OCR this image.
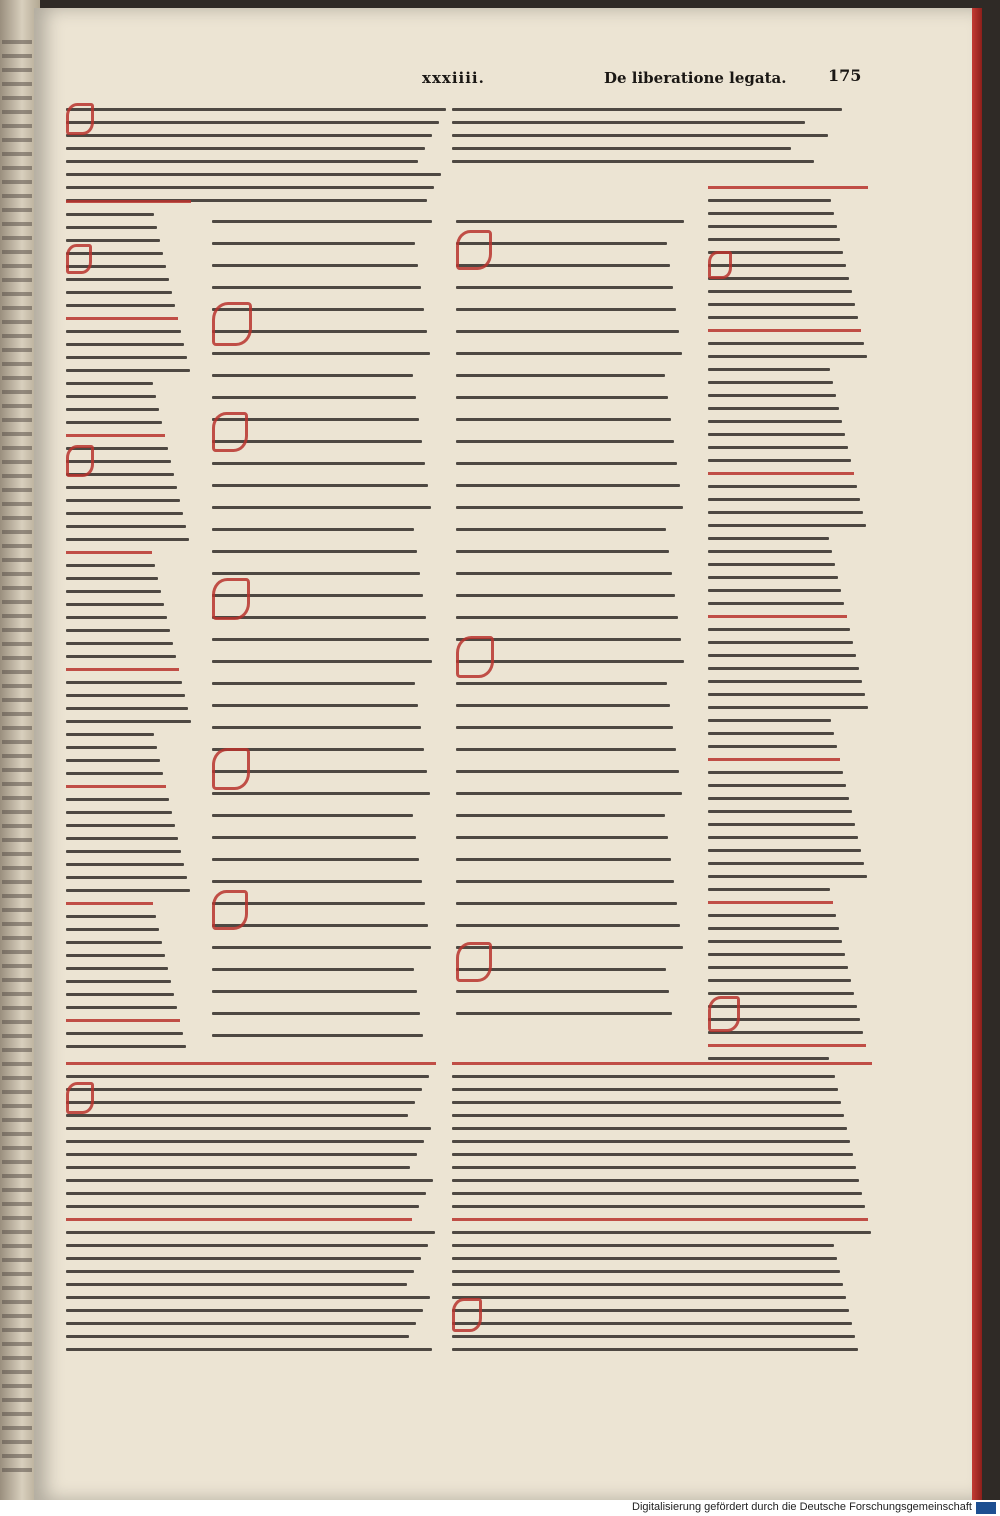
xxxiiii.	De liberatione legata.	175
Digitalisierung gefördert durch die Deutsche Forschungsgemeinschaft
